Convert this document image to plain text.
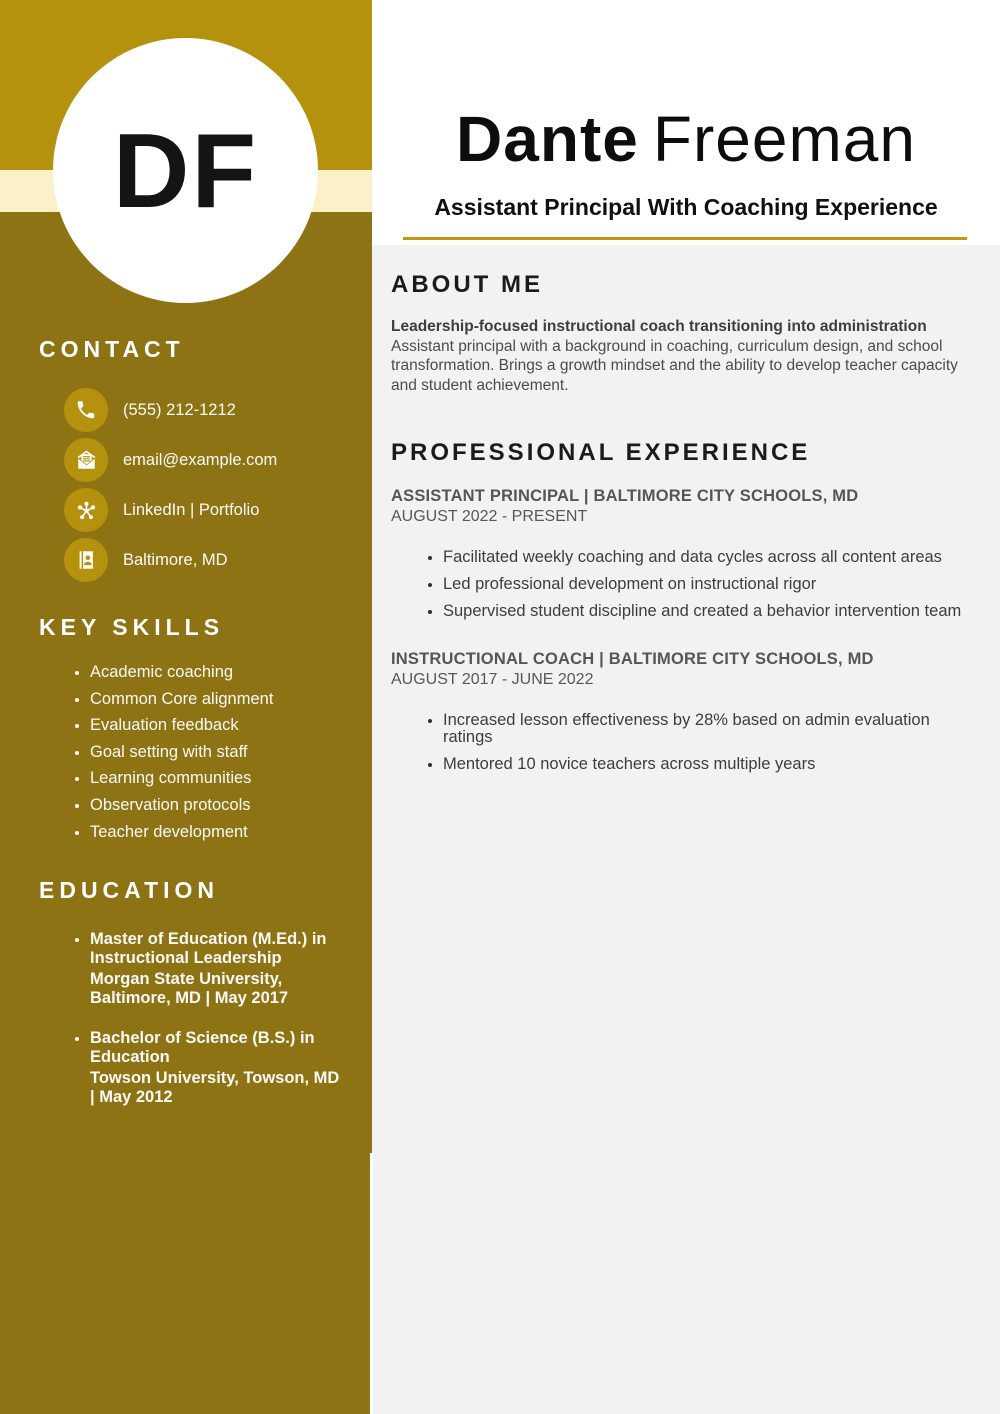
DF
CONTACT
(555) 212-1212
email@example.com
LinkedIn | Portfolio
Baltimore, MD
KEY SKILLS
• Academic coaching
• Common Core alignment
• Evaluation feedback
• Goal setting with staff
• Learning communities
• Observation protocols
• Teacher development
EDUCATION
• Master of Education (M.Ed.) in Instructional Leadership
Morgan State University, Baltimore, MD | May 2017
• Bachelor of Science (B.S.) in Education
Towson University, Towson, MD | May 2012
Dante Freeman
Assistant Principal With Coaching Experience
ABOUT ME

Leadership-focused instructional coach transitioning into administration Assistant principal with a background in coaching, curriculum design, and school transformation. Brings a growth mindset and the ability to develop teacher capacity and student achievement.

PROFESSIONAL EXPERIENCE
ASSISTANT PRINCIPAL | BALTIMORE CITY SCHOOLS, MD
AUGUST 2022 - PRESENT
• Facilitated weekly coaching and data cycles across all content areas
• Led professional development on instructional rigor
• Supervised student discipline and created a behavior intervention team
INSTRUCTIONAL COACH | BALTIMORE CITY SCHOOLS, MD
AUGUST 2017 - JUNE 2022
• Increased lesson effectiveness by 28% based on admin evaluation ratings
• Mentored 10 novice teachers across multiple years
